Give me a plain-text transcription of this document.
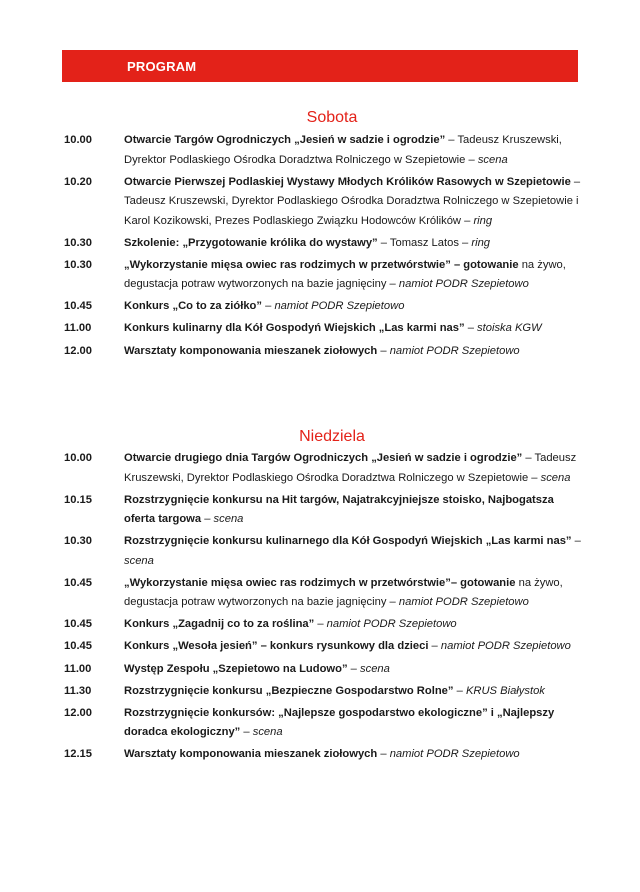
PROGRAM
Sobota
10.00	Otwarcie Targów Ogrodniczych „Jesień w sadzie i ogrodzie” – Tadeusz Kruszewski, Dyrektor Podlaskiego Ośrodka Doradztwa Rolniczego w Szepietowie – scena
10.20	Otwarcie Pierwszej Podlaskiej Wystawy Młodych Królików Rasowych w Szepietowie – Tadeusz Kruszewski, Dyrektor Podlaskiego Ośrodka Doradztwa Rolniczego w Szepietowie i Karol Kozikowski, Prezes Podlaskiego Związku Hodowców Królików – ring
10.30	Szkolenie: „Przygotowanie królika do wystawy” – Tomasz Latos – ring
10.30	„Wykorzystanie mięsa owiec ras rodzimych w przetwórstwie” – gotowanie na żywo, degustacja potraw wytworzonych na bazie jagnięciny – namiot PODR Szepietowo
10.45	Konkurs „Co to za ziółko” – namiot PODR Szepietowo
11.00	Konkurs kulinarny dla Kół Gospodyń Wiejskich „Las karmi nas” – stoiska KGW
12.00	Warsztaty komponowania mieszanek ziołowych – namiot PODR Szepietowo
Niedziela
10.00	Otwarcie drugiego dnia Targów Ogrodniczych „Jesień w sadzie i ogrodzie” – Tadeusz Kruszewski, Dyrektor Podlaskiego Ośrodka Doradztwa Rolniczego w Szepietowie – scena
10.15	Rozstrzygnięcie konkursu na Hit targów, Najatrakcyjniejsze stoisko, Najbogatsza oferta targowa – scena
10.30	Rozstrzygnięcie konkursu kulinarnego dla Kół Gospodyń Wiejskich „Las karmi nas” – scena
10.45	„Wykorzystanie mięsa owiec ras rodzimych w przetwórstwie”– gotowanie na żywo, degustacja potraw wytworzonych na bazie jagnięciny – namiot PODR Szepietowo
10.45	Konkurs „Zagadnij co to za roślina” – namiot PODR Szepietowo
10.45	Konkurs „Wesoła jesień” – konkurs rysunkowy dla dzieci – namiot PODR Szepietowo
11.00	Występ Zespołu „Szepietowo na Ludowo” – scena
11.30	Rozstrzygnięcie konkursu „Bezpieczne Gospodarstwo Rolne” – KRUS Białystok
12.00	Rozstrzygnięcie konkursów: „Najlepsze gospodarstwo ekologiczne” i „Najlepszy doradca ekologiczny” – scena
12.15	Warsztaty komponowania mieszanek ziołowych – namiot PODR Szepietowo
